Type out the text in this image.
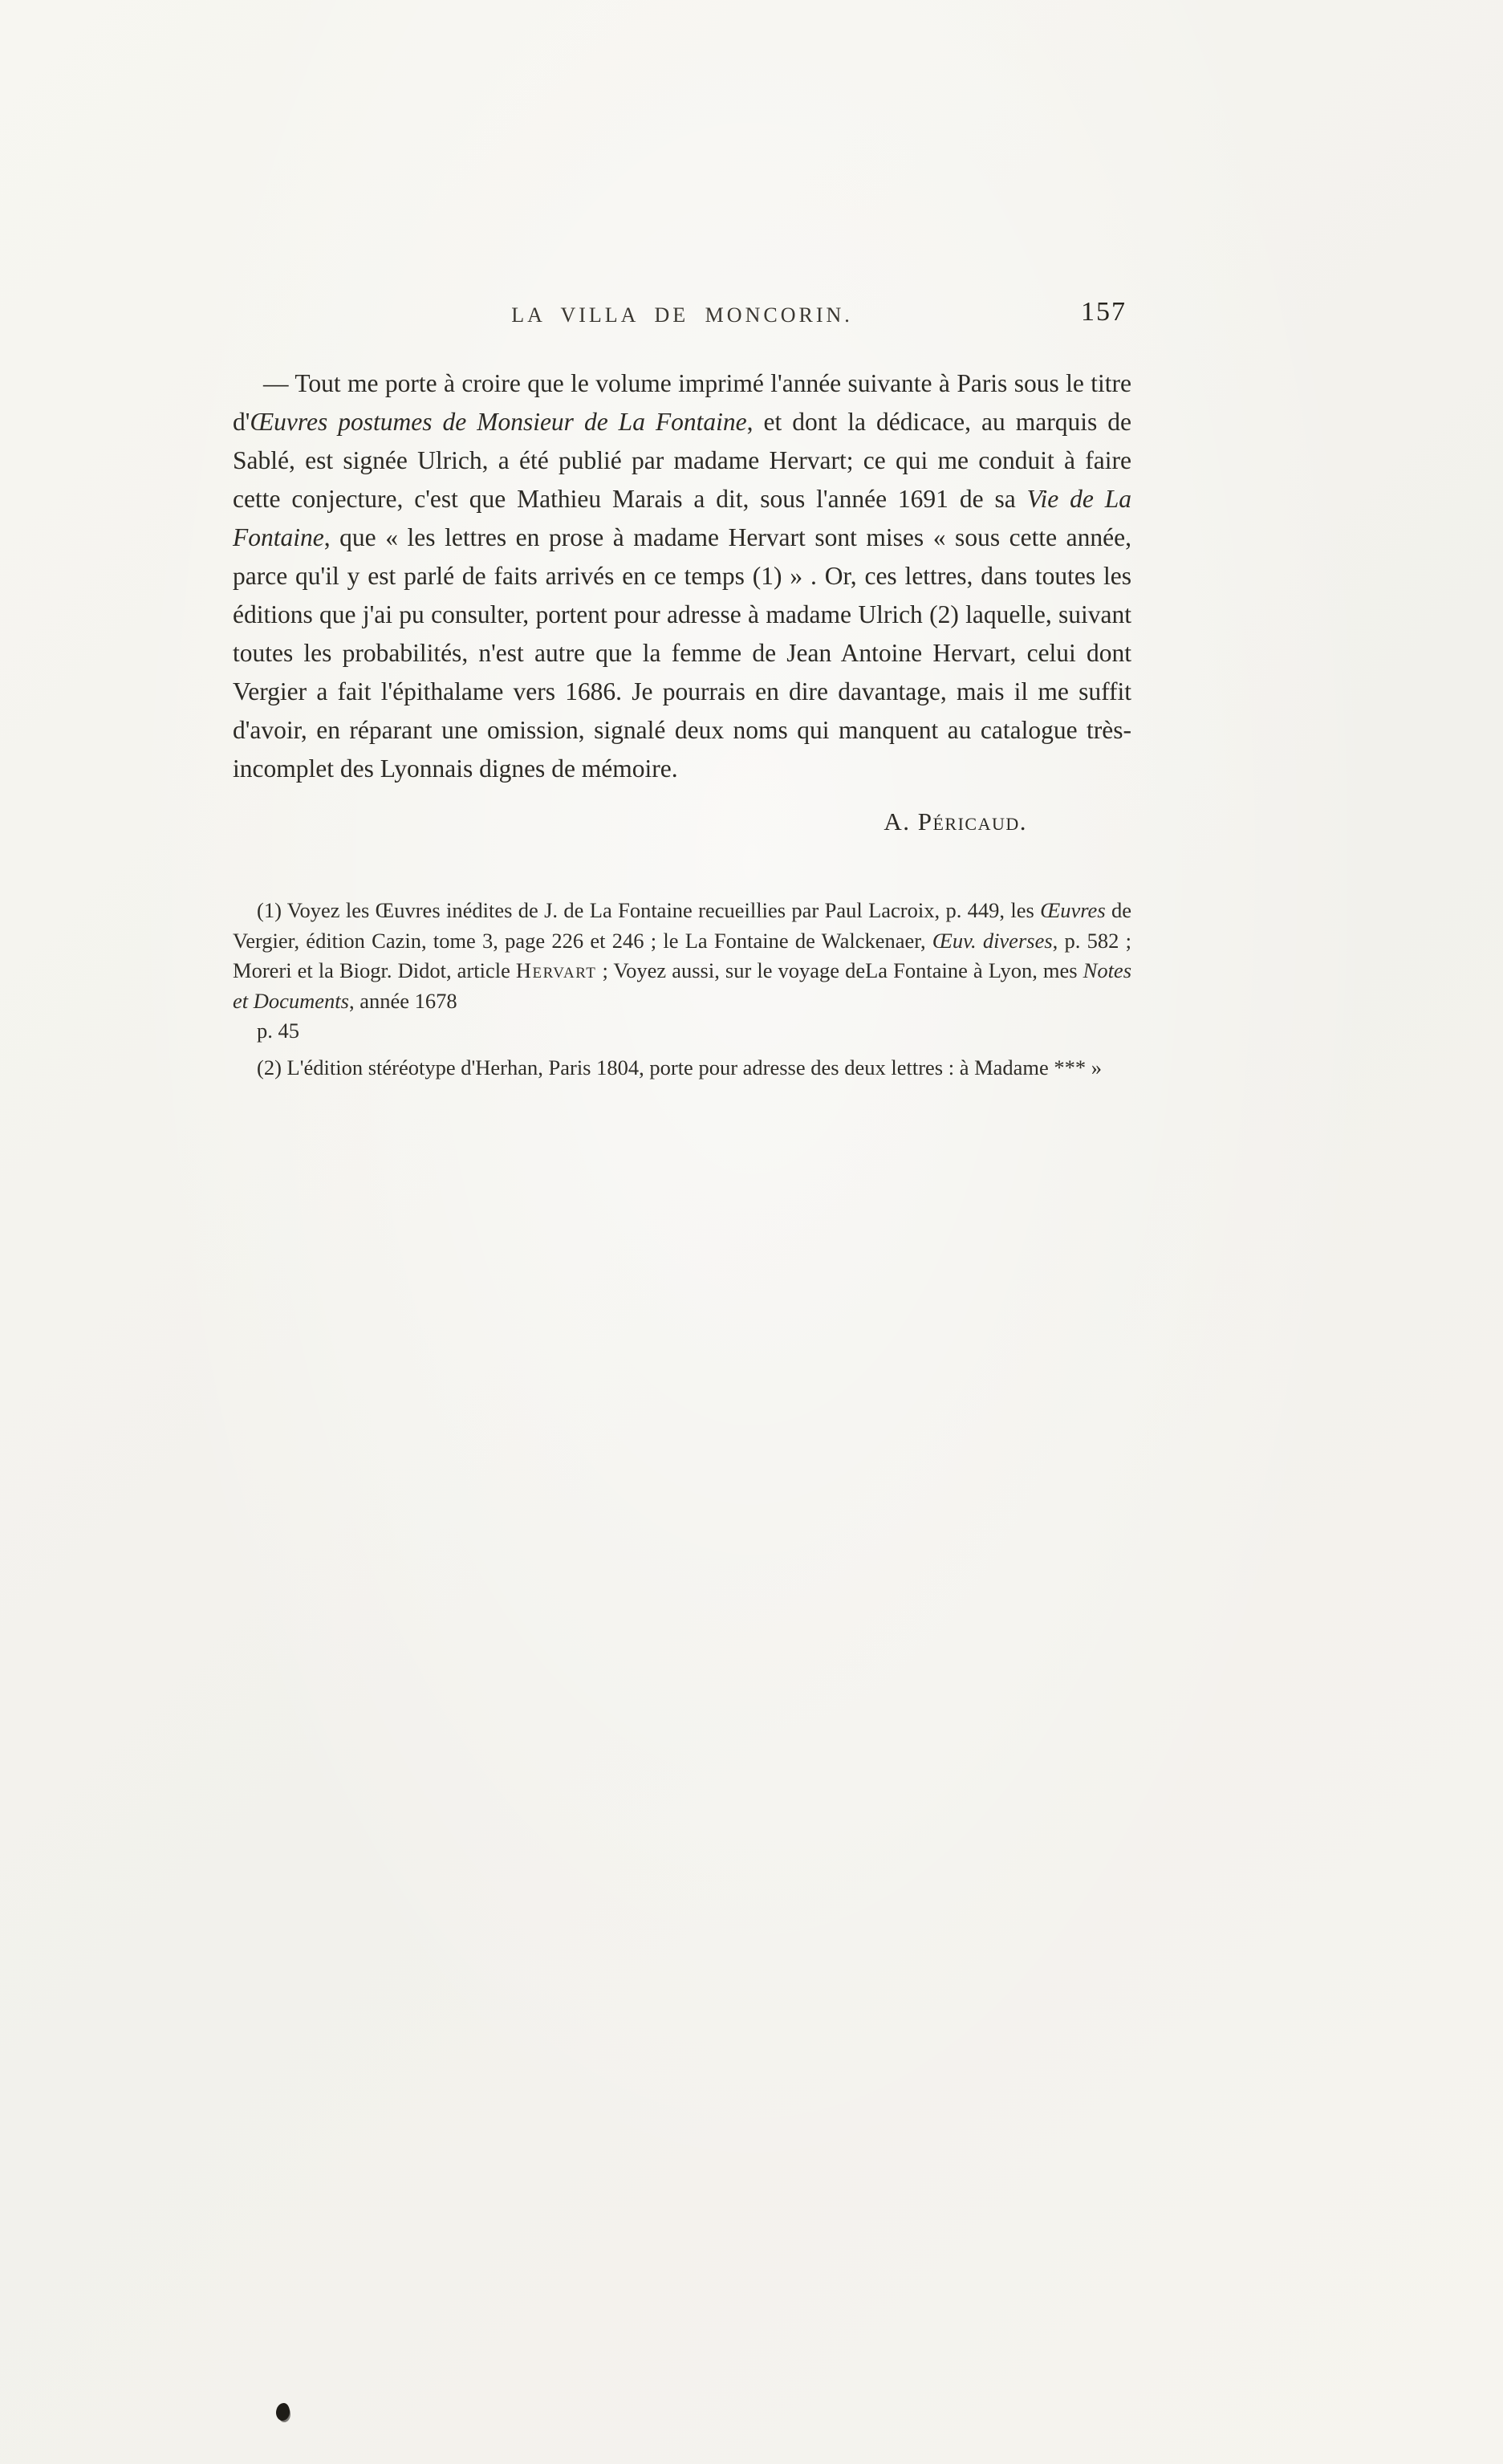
LA VILLA DE MONCORIN.	157

— Tout me porte à croire que le volume imprimé l'année suivante à Paris sous le titre d'Œuvres postumes de Monsieur de La Fontaine, et dont la dédicace, au marquis de Sablé, est signée Ulrich, a été publié par madame Hervart; ce qui me conduit à faire cette conjecture, c'est que Mathieu Marais a dit, sous l'année 1691 de sa Vie de La Fontaine, que « les lettres en prose à madame Hervart sont mises « sous cette année, parce qu'il y est parlé de faits arrivés en ce temps (1) » . Or, ces lettres, dans toutes les éditions que j'ai pu consulter, portent pour adresse à madame Ulrich (2) laquelle, suivant toutes les probabilités, n'est autre que la femme de Jean Antoine Hervart, celui dont Vergier a fait l'épithalame vers 1686. Je pourrais en dire davantage, mais il me suffit d'avoir, en réparant une omission, signalé deux noms qui manquent au catalogue très-incomplet des Lyonnais dignes de mémoire.

A. Péricaud.

(1) Voyez les Œuvres inédites de J. de La Fontaine recueillies par Paul Lacroix, p. 449, les Œuvres de Vergier, édition Cazin, tome 3, page 226 et 246 ; le La Fontaine de Walckenaer, Œuv. diverses, p. 582 ; Moreri et la Biogr. Didot, article Hervart ; Voyez aussi, sur le voyage deLa Fontaine à Lyon, mes Notes et Documents, année 1678
p. 45

(2) L'édition stéréotype d'Herhan, Paris 1804, porte pour adresse des deux lettres : à Madame *** »
